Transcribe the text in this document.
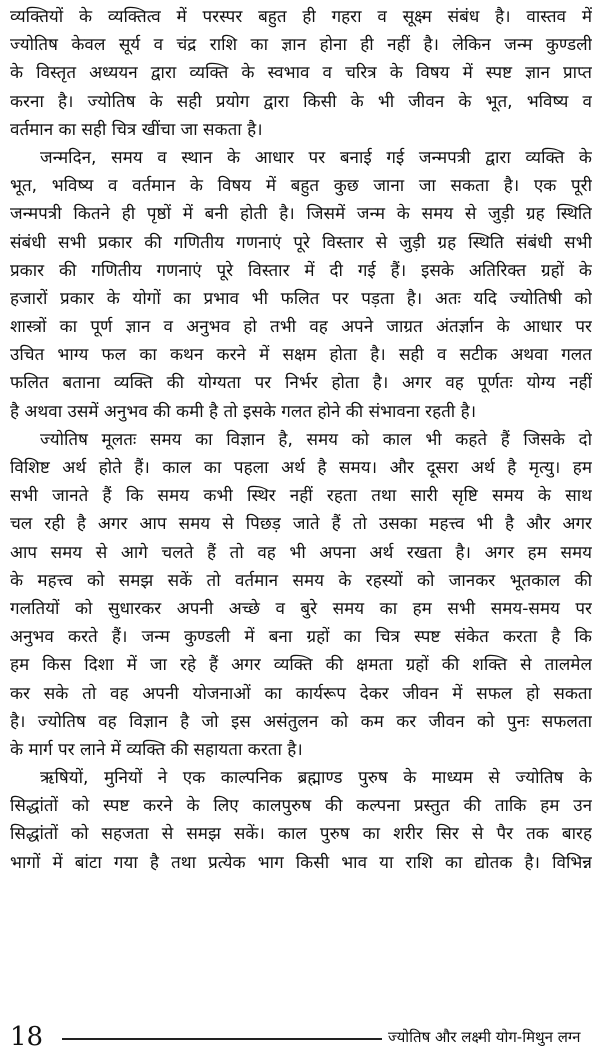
व्यक्तियों के व्यक्तित्व में परस्पर बहुत ही गहरा व सूक्ष्म संबंध है। वास्तव में
ज्योतिष केवल सूर्य व चंद्र राशि का ज्ञान होना ही नहीं है। लेकिन जन्म कुण्डली
के विस्तृत अध्ययन द्वारा व्यक्ति के स्वभाव व चरित्र के विषय में स्पष्ट ज्ञान प्राप्त
करना है। ज्योतिष के सही प्रयोग द्वारा किसी के भी जीवन के भूत, भविष्य व
वर्तमान का सही चित्र खींचा जा सकता है।

जन्मदिन, समय व स्थान के आधार पर बनाई गई जन्मपत्री द्वारा व्यक्ति के
भूत, भविष्य व वर्तमान के विषय में बहुत कुछ जाना जा सकता है। एक पूरी
जन्मपत्री कितने ही पृष्ठों में बनी होती है। जिसमें जन्म के समय से जुड़ी ग्रह स्थिति
संबंधी सभी प्रकार की गणितीय गणनाएं पूरे विस्तार से जुड़ी ग्रह स्थिति संबंधी सभी
प्रकार की गणितीय गणनाएं पूरे विस्तार में दी गई हैं। इसके अतिरिक्त ग्रहों के
हजारों प्रकार के योगों का प्रभाव भी फलित पर पड़ता है। अतः यदि ज्योतिषी को
शास्त्रों का पूर्ण ज्ञान व अनुभव हो तभी वह अपने जाग्रत अंतर्ज्ञान के आधार पर
उचित भाग्य फल का कथन करने में सक्षम होता है। सही व सटीक अथवा गलत
फलित बताना व्यक्ति की योग्यता पर निर्भर होता है। अगर वह पूर्णतः योग्य नहीं
है अथवा उसमें अनुभव की कमी है तो इसके गलत होने की संभावना रहती है।

ज्योतिष मूलतः समय का विज्ञान है, समय को काल भी कहते हैं जिसके दो
विशिष्ट अर्थ होते हैं। काल का पहला अर्थ है समय। और दूसरा अर्थ है मृत्यु। हम
सभी जानते हैं कि समय कभी स्थिर नहीं रहता तथा सारी सृष्टि समय के साथ
चल रही है अगर आप समय से पिछड़ जाते हैं तो उसका महत्त्व भी है और अगर
आप समय से आगे चलते हैं तो वह भी अपना अर्थ रखता है। अगर हम समय
के महत्त्व को समझ सकें तो वर्तमान समय के रहस्यों को जानकर भूतकाल की
गलतियों को सुधारकर अपनी अच्छे व बुरे समय का हम सभी समय-समय पर
अनुभव करते हैं। जन्म कुण्डली में बना ग्रहों का चित्र स्पष्ट संकेत करता है कि
हम किस दिशा में जा रहे हैं अगर व्यक्ति की क्षमता ग्रहों की शक्ति से तालमेल
कर सके तो वह अपनी योजनाओं का कार्यरूप देकर जीवन में सफल हो सकता
है। ज्योतिष वह विज्ञान है जो इस असंतुलन को कम कर जीवन को पुनः सफलता
के मार्ग पर लाने में व्यक्ति की सहायता करता है।

ऋषियों, मुनियों ने एक काल्पनिक ब्रह्माण्ड पुरुष के माध्यम से ज्योतिष के
सिद्धांतों को स्पष्ट करने के लिए कालपुरुष की कल्पना प्रस्तुत की ताकि हम उन
सिद्धांतों को सहजता से समझ सकें। काल पुरुष का शरीर सिर से पैर तक बारह
भागों में बांटा गया है तथा प्रत्येक भाग किसी भाव या राशि का द्योतक है। विभिन्न

18	ज्योतिष और लक्ष्मी योग-मिथुन लग्न
